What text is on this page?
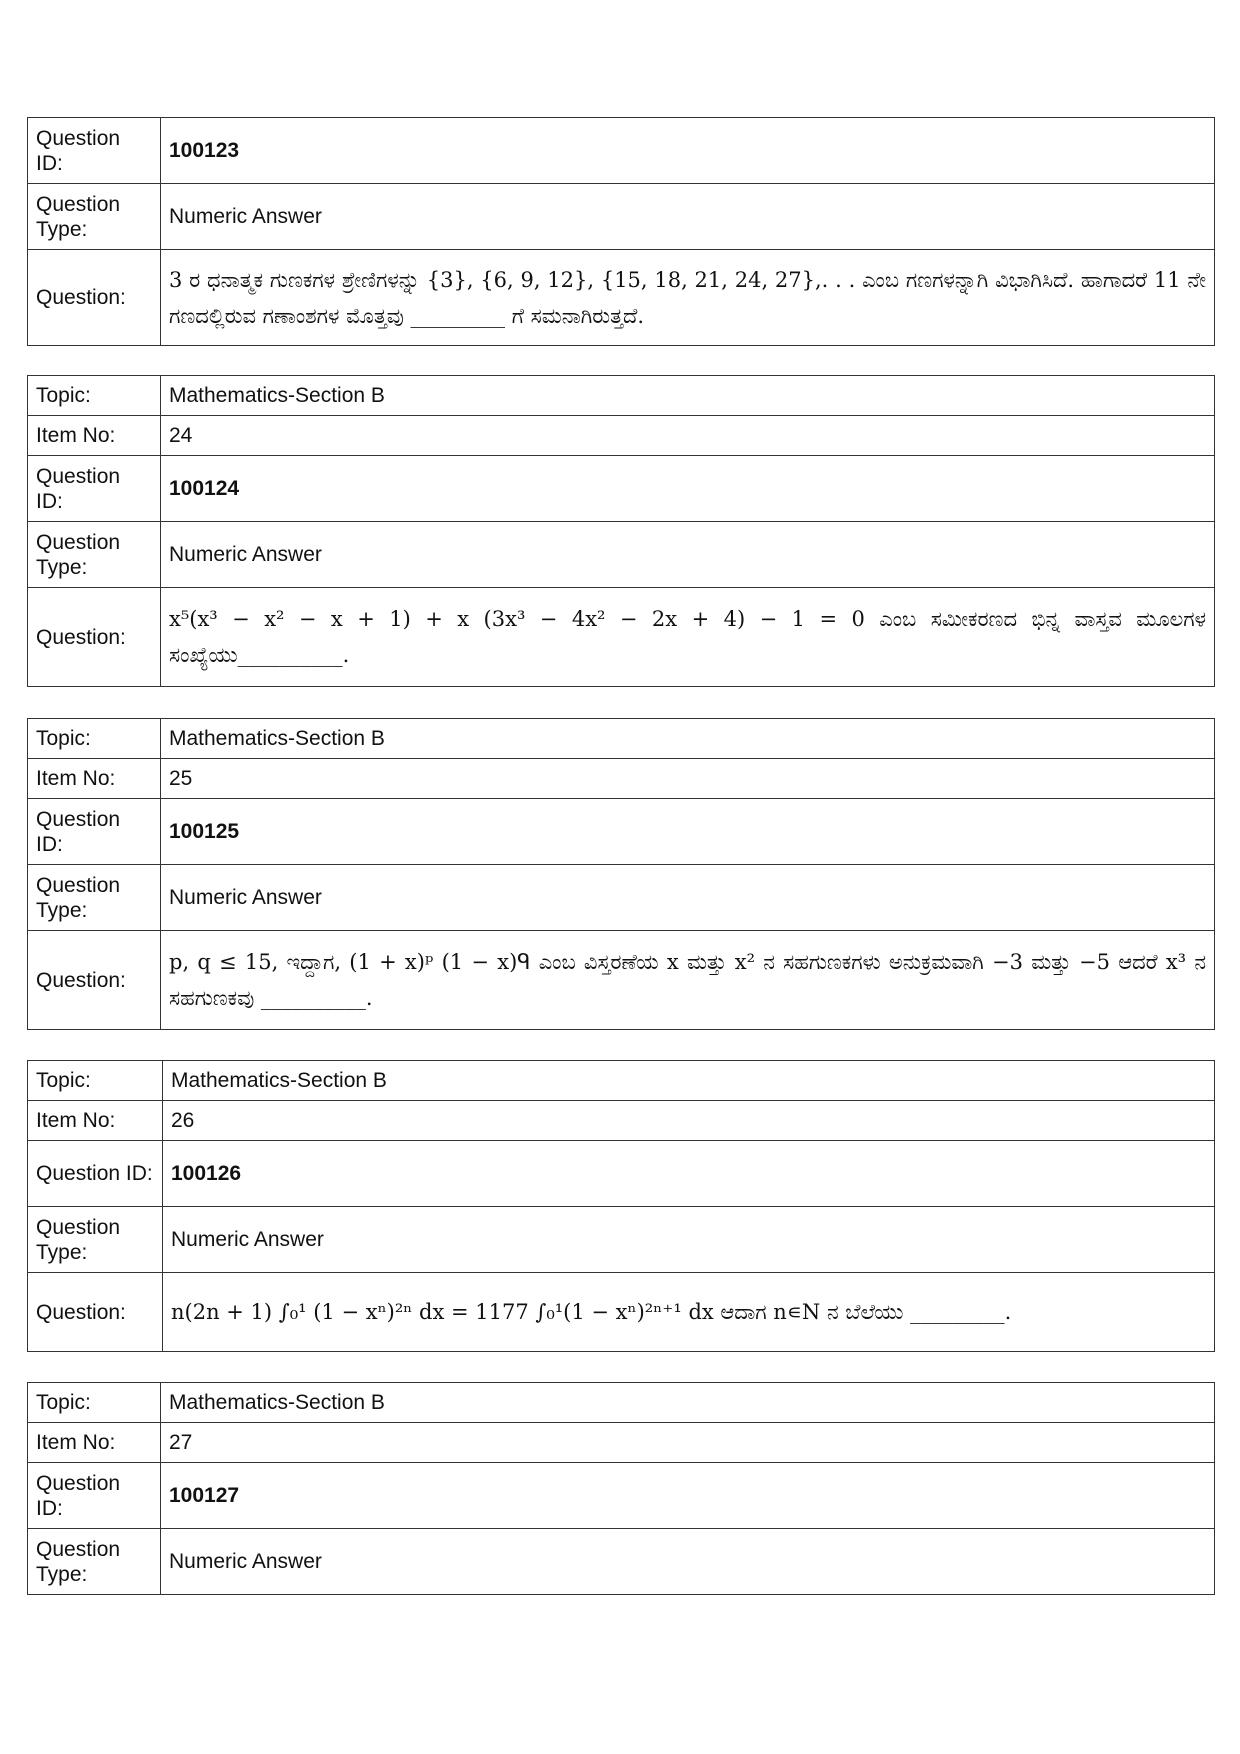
Question ID:	100123
Question Type:	Numeric Answer
Question:	3 ರ ಧನಾತ್ಮಕ ಗುಣಕಗಳ ಶ್ರೇಣಿಗಳನ್ನು {3}, {6, 9, 12}, {15, 18, 21, 24, 27},. . . ಎಂಬ ಗಣಗಳನ್ನಾಗಿ ವಿಭಾಗಿಸಿದೆ. ಹಾಗಾದರೆ 11 ನೇ ಗಣದಲ್ಲಿರುವ ಗಣಾಂಶಗಳ ಮೊತ್ತವು _________ ಗೆ ಸಮನಾಗಿರುತ್ತದೆ.
Topic:	Mathematics-Section B
Item No:	24
Question ID:	100124
Question Type:	Numeric Answer
Question:	x⁵(x³ − x² − x + 1) + x (3x³ − 4x² − 2x + 4) − 1 = 0 ಎಂಬ ಸಮೀಕರಣದ ಭಿನ್ನ ವಾಸ್ತವ ಮೂಲಗಳ ಸಂಖ್ಯೆಯು__________.
Topic:	Mathematics-Section B
Item No:	25
Question ID:	100125
Question Type:	Numeric Answer
Question:	p, q ≤ 15, ಇದ್ದಾಗ, (1 + x)ᵖ (1 − x)ᑫ ಎಂಬ ವಿಸ್ತರಣೆಯ x ಮತ್ತು x² ನ ಸಹಗುಣಕಗಳು ಅನುಕ್ರಮವಾಗಿ −3 ಮತ್ತು −5 ಆದರೆ x³ ನ ಸಹಗುಣಕವು __________.
Topic:	Mathematics-Section B
Item No:	26
Question ID:	100126
Question Type:	Numeric Answer
Question:	n(2n + 1) ∫₀¹ (1 − xⁿ)²ⁿ dx = 1177 ∫₀¹(1 − xⁿ)²ⁿ⁺¹ dx ಆದಾಗ n∊N ನ ಬೆಲೆಯು _________.
Topic:	Mathematics-Section B
Item No:	27
Question ID:	100127
Question Type:	Numeric Answer
